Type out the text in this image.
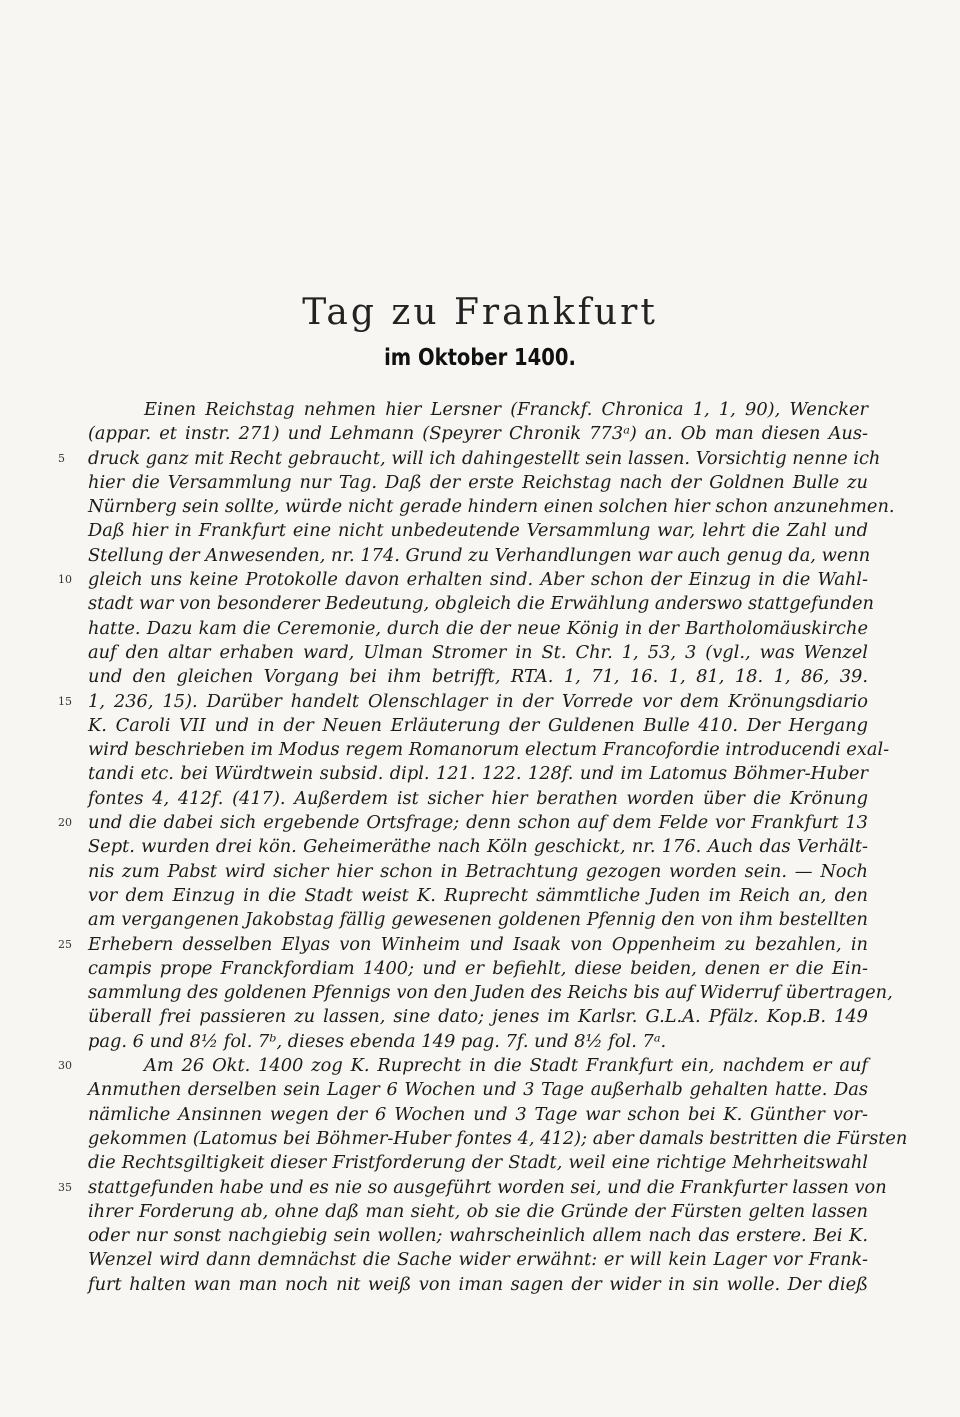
Tag zu Frankfurt
im Oktober 1400.
Einen Reichstag nehmen hier Lersner (Franckf. Chronica 1, 1, 90), Wencker
(appar. et instr. 271) und Lehmann (Speyrer Chronik 773ᵃ) an. Ob man diesen Aus-
5 druck ganz mit Recht gebraucht, will ich dahingestellt sein lassen. Vorsichtig nenne ich
hier die Versammlung nur Tag. Daß der erste Reichstag nach der Goldnen Bulle zu
Nürnberg sein sollte, würde nicht gerade hindern einen solchen hier schon anzunehmen.
Daß hier in Frankfurt eine nicht unbedeutende Versammlung war, lehrt die Zahl und
Stellung der Anwesenden, nr. 174. Grund zu Verhandlungen war auch genug da, wenn
10 gleich uns keine Protokolle davon erhalten sind. Aber schon der Einzug in die Wahl-
stadt war von besonderer Bedeutung, obgleich die Erwählung anderswo stattgefunden
hatte. Dazu kam die Ceremonie, durch die der neue König in der Bartholomäuskirche
auf den altar erhaben ward, Ulman Stromer in St. Chr. 1, 53, 3 (vgl., was Wenzel
und den gleichen Vorgang bei ihm betrifft, RTA. 1, 71, 16. 1, 81, 18. 1, 86, 39.
15 1, 236, 15). Darüber handelt Olenschlager in der Vorrede vor dem Krönungsdiario
K. Caroli VII und in der Neuen Erläuterung der Guldenen Bulle 410. Der Hergang
wird beschrieben im Modus regem Romanorum electum Francofordie introducendi exal-
tandi etc. bei Würdtwein subsid. dipl. 121. 122. 128f. und im Latomus Böhmer-Huber
fontes 4, 412f. (417). Außerdem ist sicher hier berathen worden über die Krönung
20 und die dabei sich ergebende Ortsfrage; denn schon auf dem Felde vor Frankfurt 13
Sept. wurden drei kön. Geheimeräthe nach Köln geschickt, nr. 176. Auch das Verhält-
nis zum Pabst wird sicher hier schon in Betrachtung gezogen worden sein. — Noch
vor dem Einzug in die Stadt weist K. Ruprecht sämmtliche Juden im Reich an, den
am vergangenen Jakobstag fällig gewesenen goldenen Pfennig den von ihm bestellten
25 Erhebern desselben Elyas von Winheim und Isaak von Oppenheim zu bezahlen, in
campis prope Franckfordiam 1400; und er befiehlt, diese beiden, denen er die Ein-
sammlung des goldenen Pfennigs von den Juden des Reichs bis auf Widerruf übertragen,
überall frei passieren zu lassen, sine dato; jenes im Karlsr. G.L.A. Pfälz. Kop.B. 149
pag. 6 und 8½ fol. 7ᵇ, dieses ebenda 149 pag. 7f. und 8½ fol. 7ᵃ.
30	Am 26 Okt. 1400 zog K. Ruprecht in die Stadt Frankfurt ein, nachdem er auf
Anmuthen derselben sein Lager 6 Wochen und 3 Tage außerhalb gehalten hatte. Das
nämliche Ansinnen wegen der 6 Wochen und 3 Tage war schon bei K. Günther vor-
gekommen (Latomus bei Böhmer-Huber fontes 4, 412); aber damals bestritten die Fürsten
die Rechtsgiltigkeit dieser Fristforderung der Stadt, weil eine richtige Mehrheitswahl
35 stattgefunden habe und es nie so ausgeführt worden sei, und die Frankfurter lassen von
ihrer Forderung ab, ohne daß man sieht, ob sie die Gründe der Fürsten gelten lassen
oder nur sonst nachgiebig sein wollen; wahrscheinlich allem nach das erstere. Bei K.
Wenzel wird dann demnächst die Sache wider erwähnt: er will kein Lager vor Frank-
furt halten wan man noch nit weiß von iman sagen der wider in sin wolle. Der dieß
